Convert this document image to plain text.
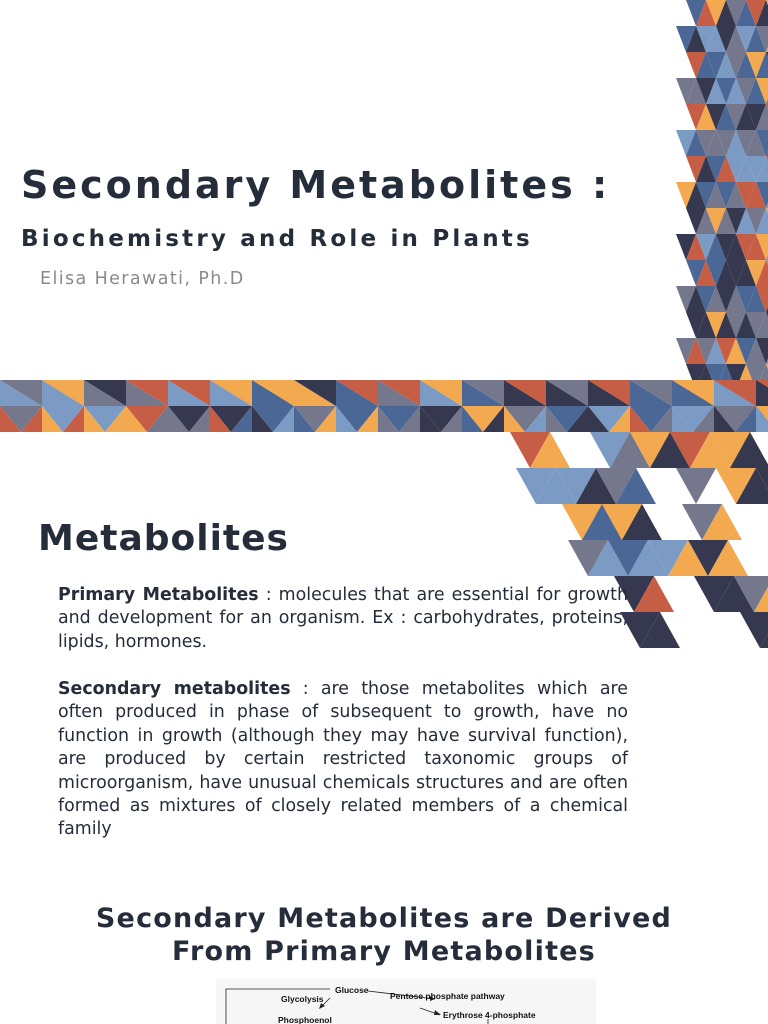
Secondary Metabolites :
Biochemistry and Role in Plants
Elisa Herawati, Ph.D
Metabolites
Primary Metabolites : molecules that are essential for growth and development for an organism. Ex : carbohydrates, proteins, lipids, hormones.
Secondary metabolites : are those metabolites which are often produced in phase of subsequent to growth, have no function in growth (although they may have survival function), are produced by certain restricted taxonomic groups of microorganism, have unusual chemicals structures and are often formed as mixtures of closely related members of a chemical family
Secondary Metabolites are Derived
From Primary Metabolites
Glucose
Glycolysis	Pentose phosphate pathway
Phosphoenol	Erythrose 4-phosphate
